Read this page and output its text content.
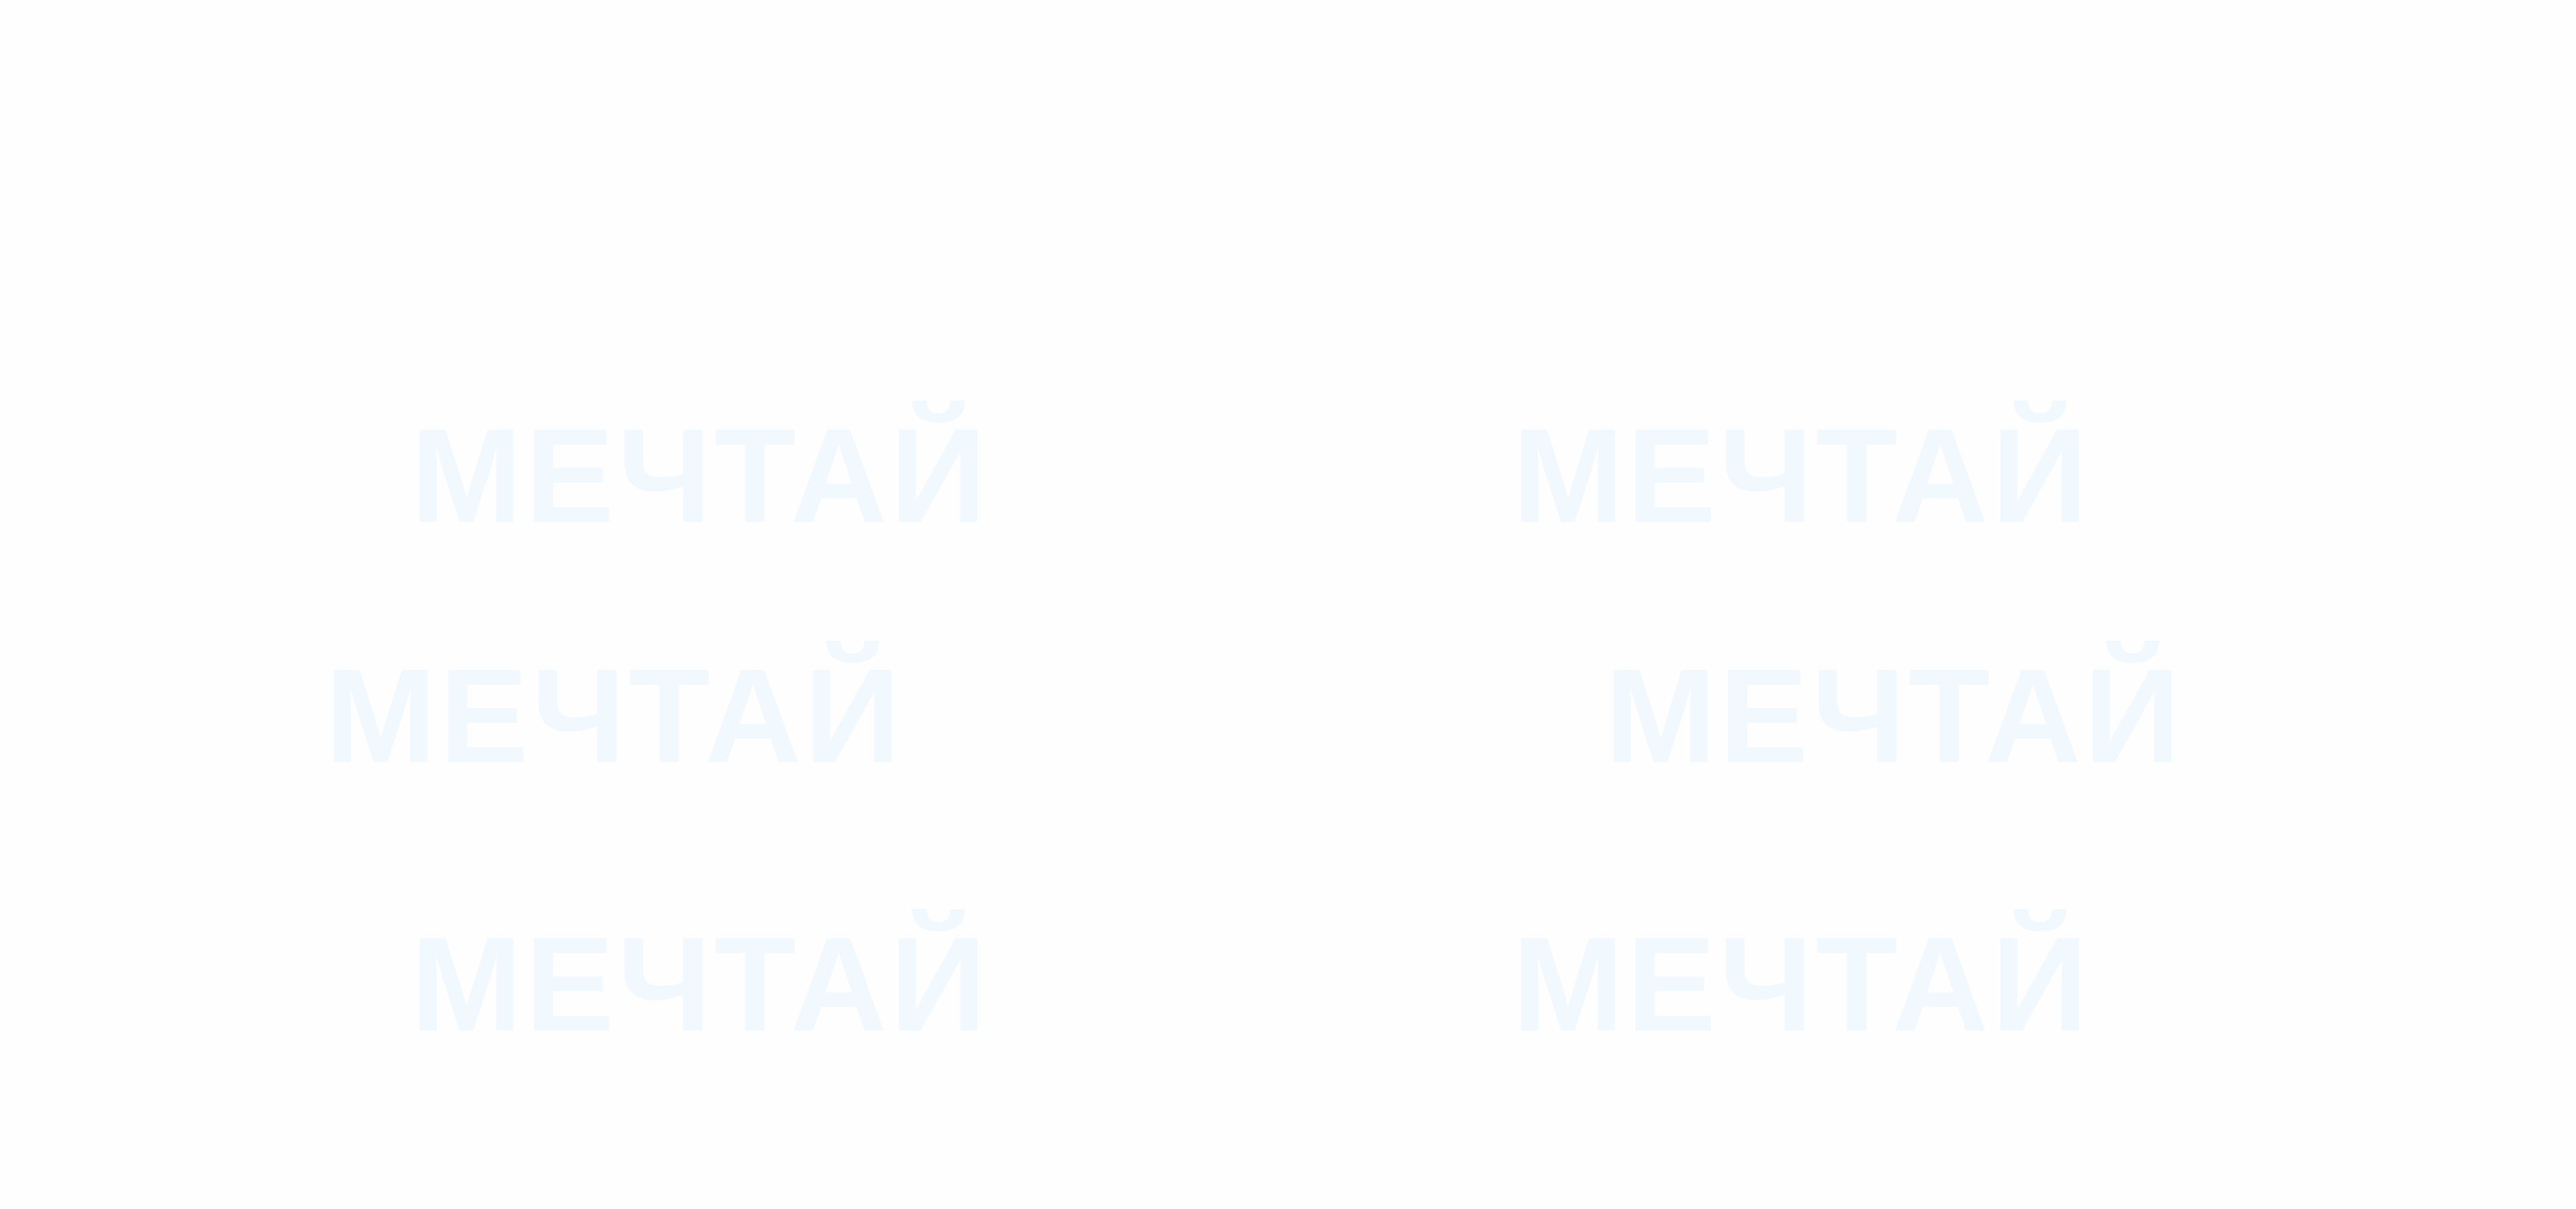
МЕЧТАЙ	МЕЧТАЙ
МЕЧТАЙ	МЕЧТАЙ
МЕЧТАЙ	МЕЧТАЙ
